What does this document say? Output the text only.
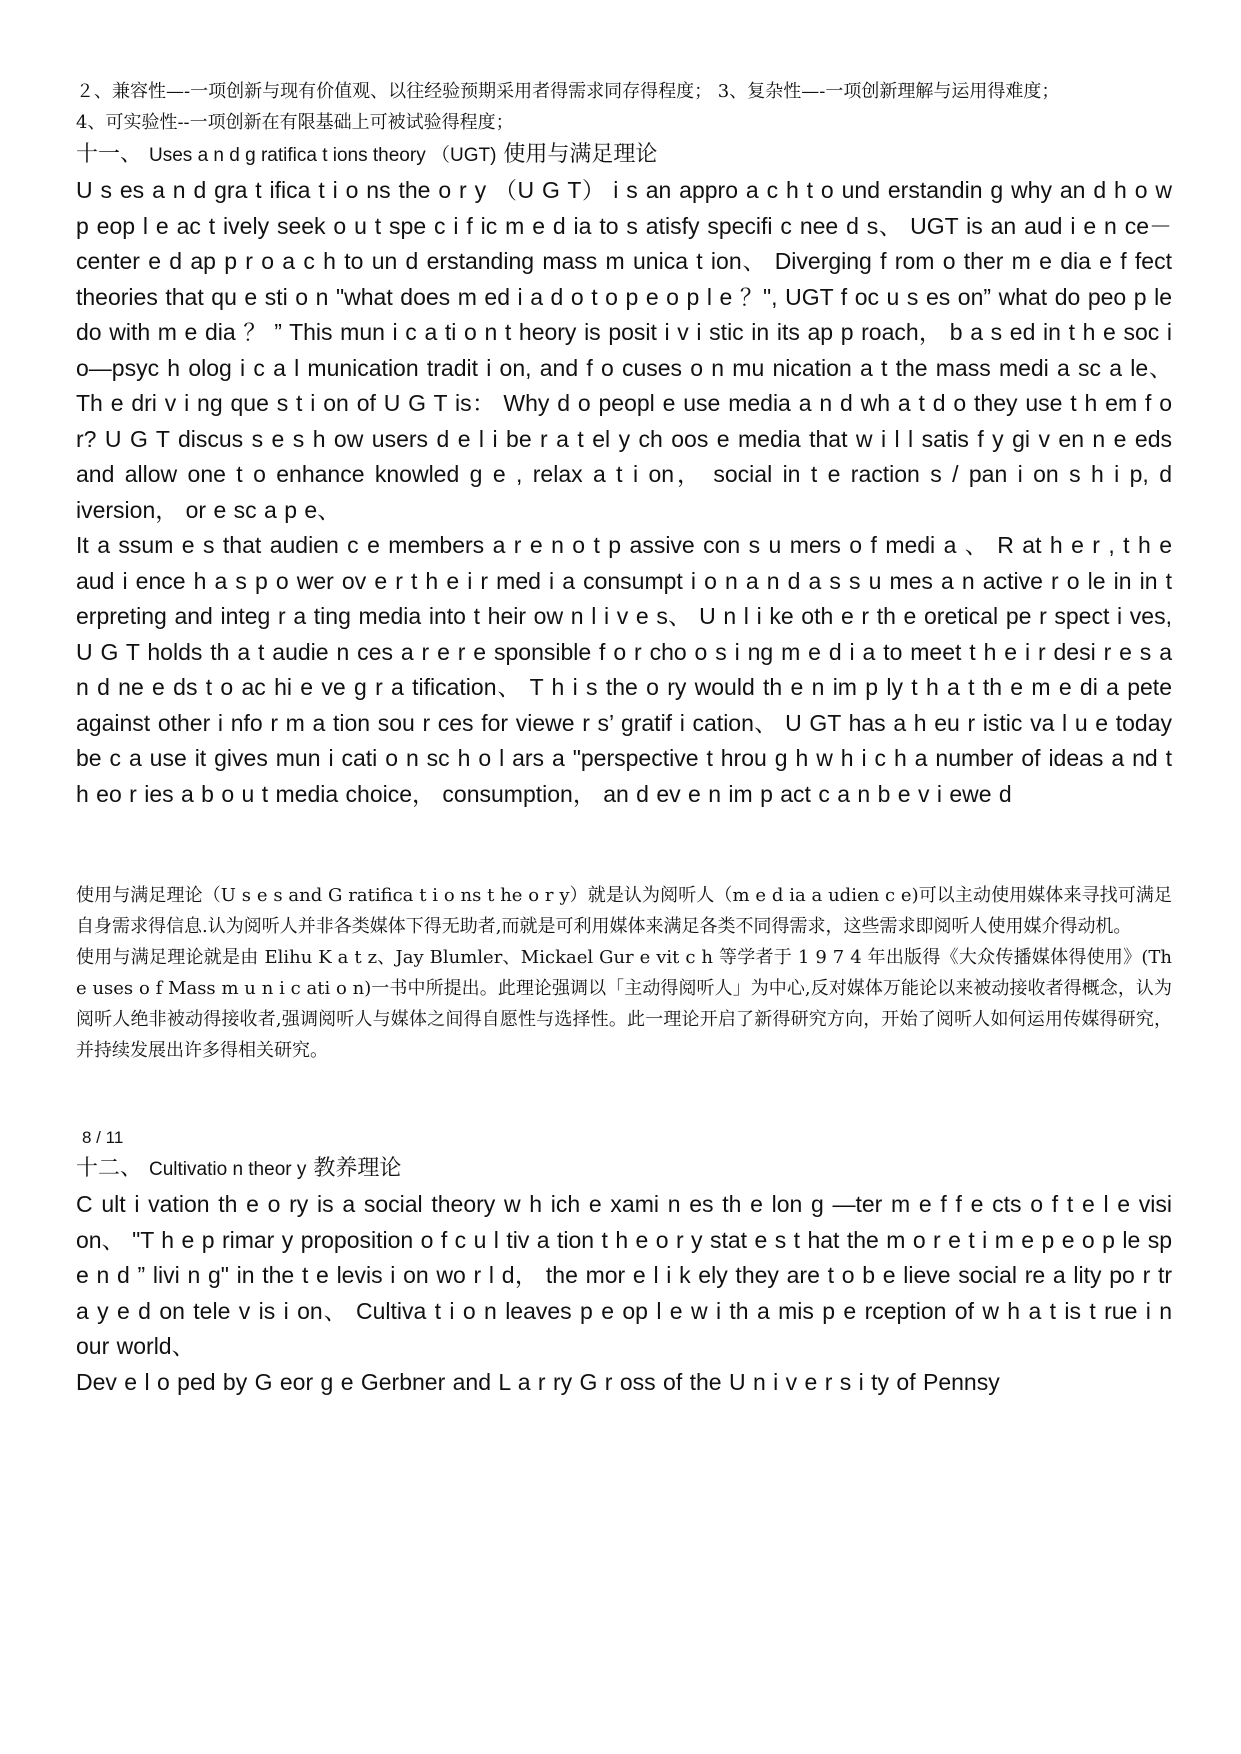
２、兼容性—-一项创新与现有价值观、以往经验预期采用者得需求同存得程度； 3、复杂性—-一项创新理解与运用得难度；

4、可实验性--一项创新在有限基础上可被试验得程度；

十一、 Uses a n d g ratifica t ions theory （UGT) 使用与满足理论

U s es a n d gra t ifica t i o ns the o r y （U G T） i s an appro a c h t o und erstandin g why an d h o w p eop l e ac t ively seek o u t spe c i f ic m e d ia to s atisfy specifi c nee d s、 UGT is an aud i e n ce－center e d ap p r o a c h to un d erstanding mass m unica t ion、 Diverging f rom o ther m e dia e f fect theories that qu e sti o n "what does m ed i a d o t o p e o p l e ？", UGT f oc u s es on” what do peo p le do with m e dia ？ ” This mun i c a ti o n t heory is posit i v i stic in its ap p roach， b a s ed in t h e soc i o—psyc h olog i c a l munication tradit i on, and f o cuses o n mu nication a t the mass medi a sc a le、 Th e dri v i ng que s t i on of U G T is： Why d o peopl e use media a n d wh a t d o they use t h em f o r? U G T discus s e s h ow users d e l i be r a t el y ch oos e media that w i l l satis f y gi v en n e eds and allow one t o enhance knowled g e , relax a t i on， social in t e raction s / pan i on s h i p, d iversion， or e sc a p e、

It a ssum e s that audien c e members a r e n o t p assive con s u mers o f medi a 、 R at h e r , t h e aud i ence h a s p o wer ov e r t h e i r med i a consumpt i o n a n d a s s u mes a n active r o le in in t erpreting and integ r a ting media into t heir ow n l i v e s、 U n l i ke oth e r th e oretical pe r spect i ves, U G T holds th a t audie n ces a r e r e sponsible f o r cho o s i ng m e d i a to meet t h e i r desi r e s a n d ne e ds t o ac hi e ve g r a tification、 T h i s the o ry would th e n im p ly t h a t th e m e di a pete against other i nfo r m a tion sou r ces for viewe r s’ gratif i cation、 U GT has a h eu r istic va l u e today be c a use it gives mun i cati o n sc h o l ars a "perspective t hrou g h w h i c h a number of ideas a nd t h eo r ies a b o u t media choice， consumption， an d ev e n im p act c a n b e v i ewe d

使用与满足理论（U s e s and G ratifica t i o ns t he o r y）就是认为阅听人（m e d ia a udien c e)可以主动使用媒体来寻找可满足自身需求得信息.认为阅听人并非各类媒体下得无助者,而就是可利用媒体来满足各类不同得需求，这些需求即阅听人使用媒介得动机。

使用与满足理论就是由 Elihu K a t z、Jay Blumler、Mickael Gur e vit c h 等学者于 1 9 7 4 年出版得《大众传播媒体得使用》(Th e uses o f Mass m u n i c ati o n)一书中所提出。此理论强调以「主动得阅听人」为中心,反对媒体万能论以来被动接收者得概念，认为阅听人绝非被动得接收者,强调阅听人与媒体之间得自愿性与选择性。此一理论开启了新得研究方向，开始了阅听人如何运用传媒得研究，并持续发展出许多得相关研究。

8 / 11

十二、 Cultivatio n theor y 教养理论

C ult i vation th e o ry is a social theory w h ich e xami n es th e lon g —ter m e f f e cts o f t e l e visi on、 "T h e p rimar y proposition o f c u l tiv a tion t h e o r y stat e s t hat the m o r e t i m e p e o p le sp e n d ” livi n g" in the t e levis i on wo r l d， the mor e l i k ely they are t o b e lieve social re a lity po r tr a y e d on tele v is i on、 Cultiva t i o n leaves p e op l e w i th a mis p e rception of w h a t is t rue i n our world、

Dev e l o ped by G eor g e Gerbner and L a r ry G r oss of the U n i v e r s i ty of Pennsy
